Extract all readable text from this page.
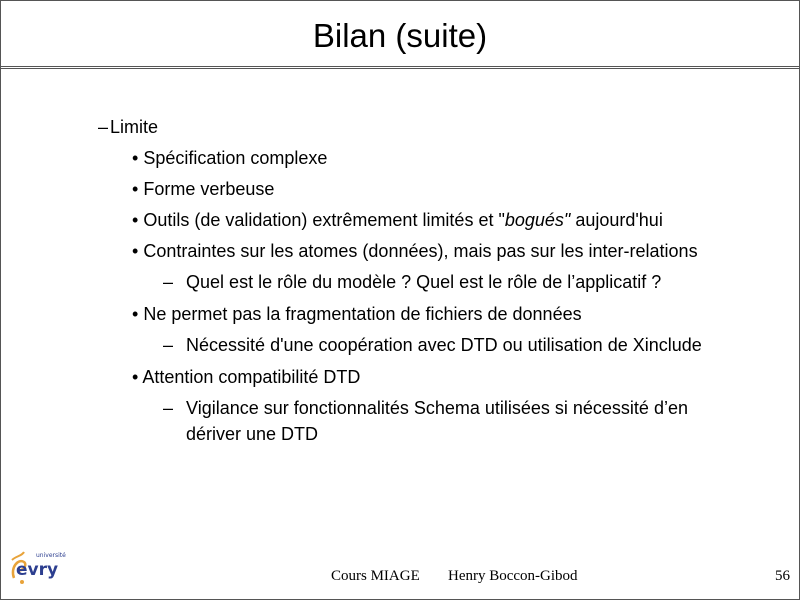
Bilan (suite)
– Limite
• Spécification complexe
• Forme verbeuse
• Outils (de validation) extrêmement limités et "bogués" aujourd'hui
• Contraintes sur les atomes (données), mais pas sur les inter-relations
– Quel est le rôle du modèle ? Quel est le rôle de l’applicatif ?
• Ne permet pas la fragmentation de fichiers de données
– Nécessité d'une coopération avec DTD ou utilisation de Xinclude
• Attention compatibilité DTD
– Vigilance sur fonctionnalités Schema utilisées si nécessité d’en
dériver une DTD
université
evry	Cours MIAGE Henry Boccon-Gibod	56
